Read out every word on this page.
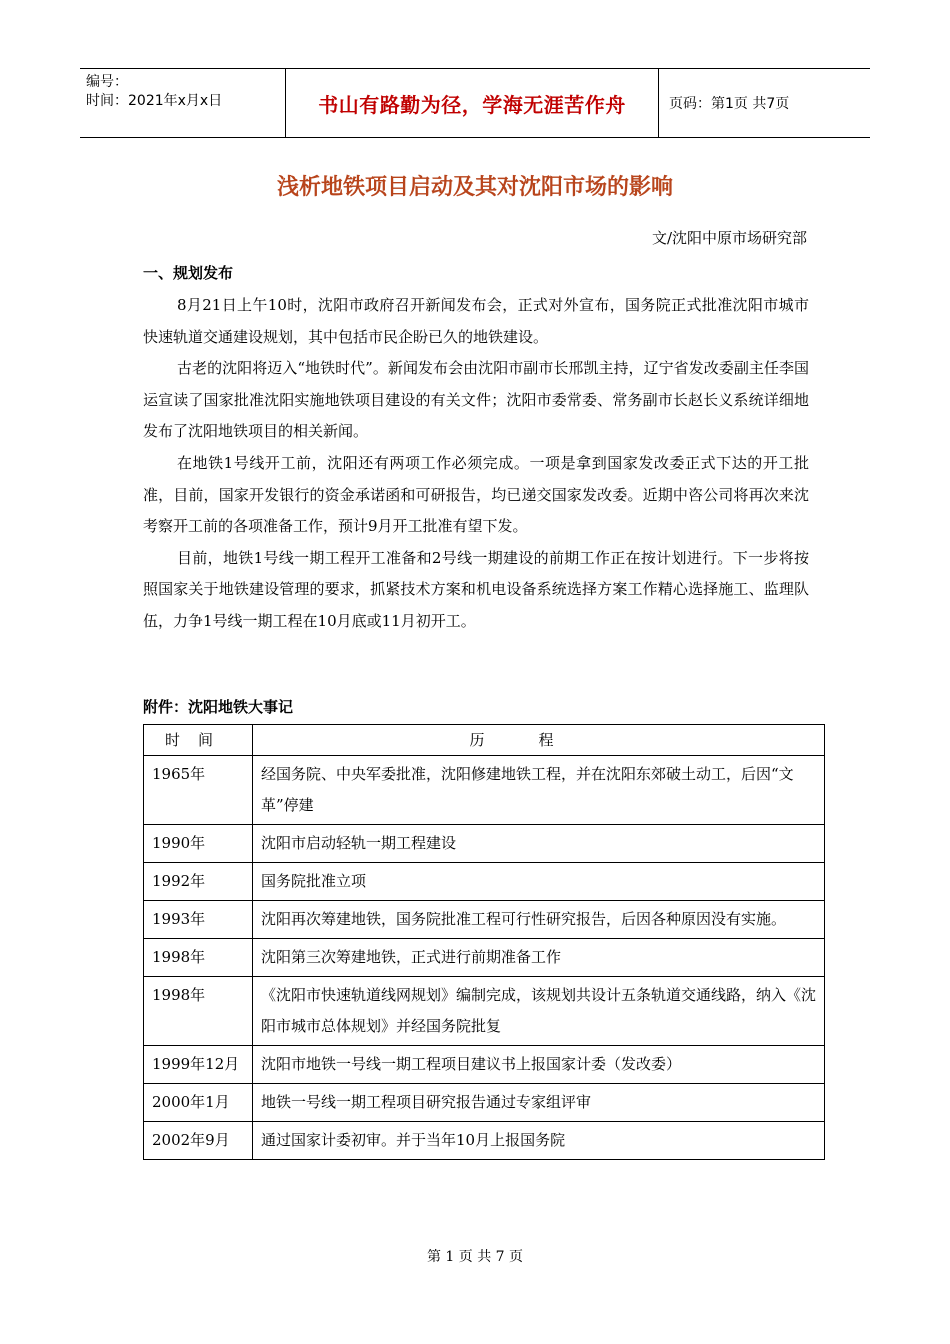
编号：
时间：2021年x月x日	书山有路勤为径，学海无涯苦作舟	页码：第1页 共7页
浅析地铁项目启动及其对沈阳市场的影响
文/沈阳中原市场研究部
一、规划发布

8月21日上午10时，沈阳市政府召开新闻发布会，正式对外宣布，国务院正式批准沈阳市城市快速轨道交通建设规划，其中包括市民企盼已久的地铁建设。

古老的沈阳将迈入“地铁时代”。新闻发布会由沈阳市副市长邢凯主持，辽宁省发改委副主任李国运宣读了国家批准沈阳实施地铁项目建设的有关文件；沈阳市委常委、常务副市长赵长义系统详细地发布了沈阳地铁项目的相关新闻。

在地铁1号线开工前，沈阳还有两项工作必须完成。一项是拿到国家发改委正式下达的开工批准，目前，国家开发银行的资金承诺函和可研报告，均已递交国家发改委。近期中咨公司将再次来沈考察开工前的各项准备工作，预计9月开工批准有望下发。

目前，地铁1号线一期工程开工准备和2号线一期建设的前期工作正在按计划进行。下一步将按照国家关于地铁建设管理的要求，抓紧技术方案和机电设备系统选择方案工作精心选择施工、监理队伍，力争1号线一期工程在10月底或11月初开工。

附件：沈阳地铁大事记
时间	历程
1965年	经国务院、中央军委批准，沈阳修建地铁工程，并在沈阳东郊破土动工，后因“文革”停建
1990年	沈阳市启动轻轨一期工程建设
1992年	国务院批准立项
1993年	沈阳再次筹建地铁，国务院批准工程可行性研究报告，后因各种原因没有实施。
1998年	沈阳第三次筹建地铁，正式进行前期准备工作
1998年	《沈阳市快速轨道线网规划》编制完成，该规划共设计五条轨道交通线路，纳入《沈阳市城市总体规划》并经国务院批复
1999年12月	沈阳市地铁一号线一期工程项目建议书上报国家计委（发改委）
2000年1月	地铁一号线一期工程项目研究报告通过专家组评审
2002年9月	通过国家计委初审。并于当年10月上报国务院
第 1 页 共 7 页
